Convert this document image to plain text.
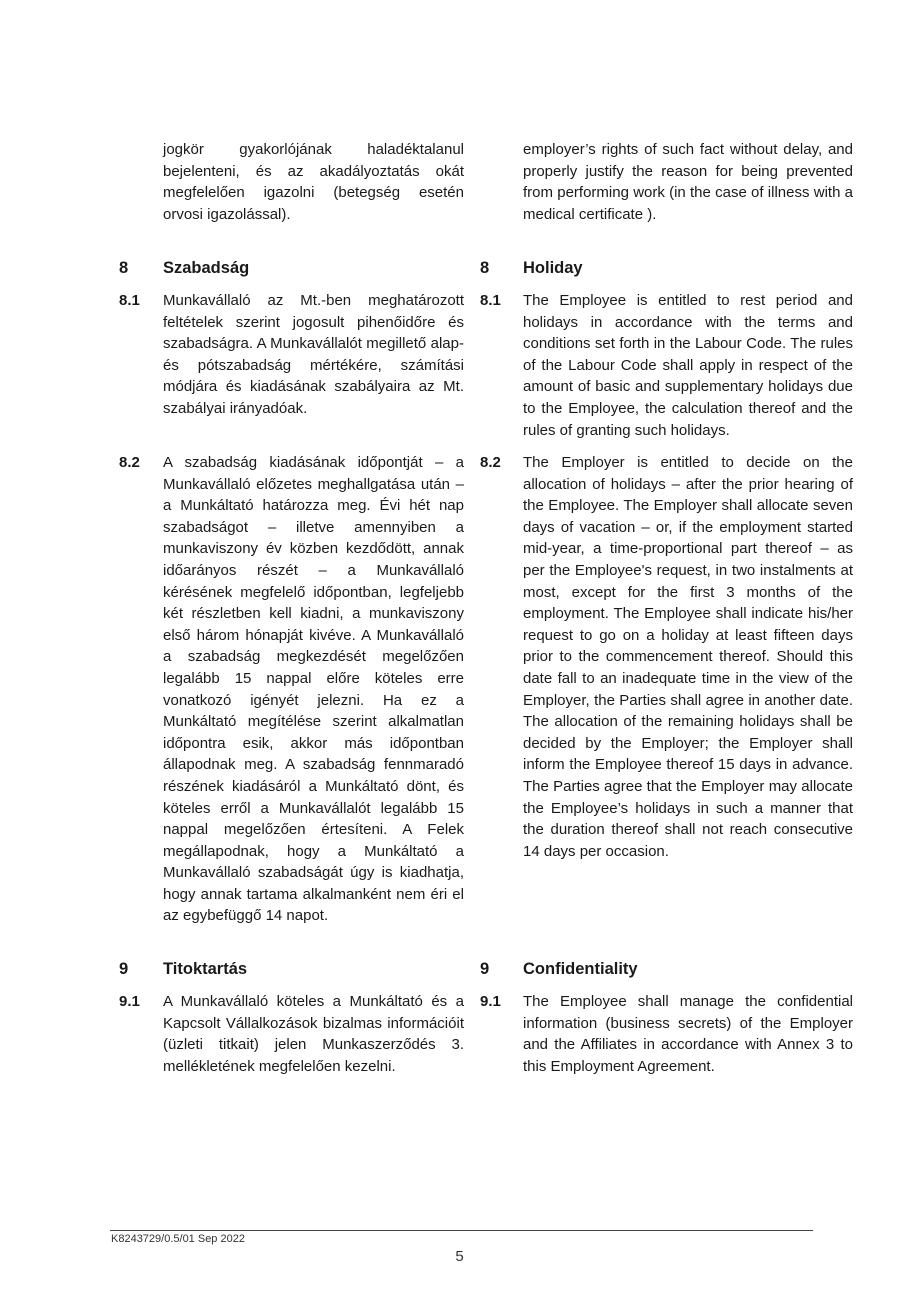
jogkör gyakorlójának haladéktalanul bejelenteni, és az akadályoztatás okát megfelelően igazolni (betegség esetén orvosi igazolással).
employer’s rights of such fact without delay, and properly justify the reason for being prevented from performing work (in the case of illness with a medical certificate ).
8 Szabadság	8 Holiday
8.1 Munkavállaló az Mt.-ben meghatározott feltételek szerint jogosult pihenőidőre és szabadságra. A Munkavállalót megillető alap- és pótszabadság mértékére, számítási módjára és kiadásának szabályaira az Mt. szabályai irányadóak.
8.1 The Employee is entitled to rest period and holidays in accordance with the terms and conditions set forth in the Labour Code. The rules of the Labour Code shall apply in respect of the amount of basic and supplementary holidays due to the Employee, the calculation thereof and the rules of granting such holidays.
8.2 A szabadság kiadásának időpontját – a Munkavállaló előzetes meghallgatása után – a Munkáltató határozza meg. Évi hét nap szabadságot – illetve amennyiben a munkaviszony év közben kezdődött, annak időarányos részét – a Munkavállaló kérésének megfelelő időpontban, legfeljebb két részletben kell kiadni, a munkaviszony első három hónapját kivéve. A Munkavállaló a szabadság megkezdését megelőzően legalább 15 nappal előre köteles erre vonatkozó igényét jelezni. Ha ez a Munkáltató megítélése szerint alkalmatlan időpontra esik, akkor más időpontban állapodnak meg. A szabadság fennmaradó részének kiadásáról a Munkáltató dönt, és köteles erről a Munkavállalót legalább 15 nappal megelőzően értesíteni. A Felek megállapodnak, hogy a Munkáltató a Munkavállaló szabadságát úgy is kiadhatja, hogy annak tartama alkalmanként nem éri el az egybefüggő 14 napot.
8.2 The Employer is entitled to decide on the allocation of holidays – after the prior hearing of the Employee. The Employer shall allocate seven days of vacation – or, if the employment started mid-year, a time-proportional part thereof – as per the Employee's request, in two instalments at most, except for the first 3 months of the employment. The Employee shall indicate his/her request to go on a holiday at least fifteen days prior to the commencement thereof. Should this date fall to an inadequate time in the view of the Employer, the Parties shall agree in another date. The allocation of the remaining holidays shall be decided by the Employer; the Employer shall inform the Employee thereof 15 days in advance. The Parties agree that the Employer may allocate the Employee’s holidays in such a manner that the duration thereof shall not reach consecutive 14 days per occasion.
9 Titoktartás	9 Confidentiality
9.1 A Munkavállaló köteles a Munkáltató és a Kapcsolt Vállalkozások bizalmas információit (üzleti titkait) jelen Munkaszerződés 3. mellékletének megfelelően kezelni.
9.1 The Employee shall manage the confidential information (business secrets) of the Employer and the Affiliates in accordance with Annex 3 to this Employment Agreement.
K8243729/0.5/01 Sep 2022
5
